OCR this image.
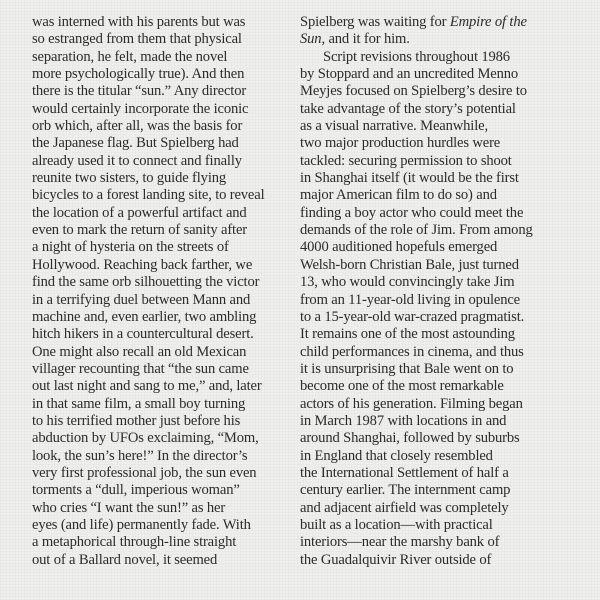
was interned with his parents but was
so estranged from them that physical
separation, he felt, made the novel
more psychologically true). And then
there is the titular “sun.” Any director
would certainly incorporate the iconic
orb which, after all, was the basis for
the Japanese flag. But Spielberg had
already used it to connect and finally
reunite two sisters, to guide flying
bicycles to a forest landing site, to reveal
the location of a powerful artifact and
even to mark the return of sanity after
a night of hysteria on the streets of
Hollywood. Reaching back farther, we
find the same orb silhouetting the victor
in a terrifying duel between Mann and
machine and, even earlier, two ambling
hitch hikers in a countercultural desert.
One might also recall an old Mexican
villager recounting that “the sun came
out last night and sang to me,” and, later
in that same film, a small boy turning
to his terrified mother just before his
abduction by UFOs exclaiming, “Mom,
look, the sun’s here!” In the director’s
very first professional job, the sun even
torments a “dull, imperious woman”
who cries “I want the sun!” as her
eyes (and life) permanently fade. With
a metaphorical through-line straight
out of a Ballard novel, it seemed
Spielberg was waiting for Empire of the
Sun, and it for him.
Script revisions throughout 1986
by Stoppard and an uncredited Menno
Meyjes focused on Spielberg’s desire to
take advantage of the story’s potential
as a visual narrative. Meanwhile,
two major production hurdles were
tackled: securing permission to shoot
in Shanghai itself (it would be the first
major American film to do so) and
finding a boy actor who could meet the
demands of the role of Jim. From among
4000 auditioned hopefuls emerged
Welsh-born Christian Bale, just turned
13, who would convincingly take Jim
from an 11-year-old living in opulence
to a 15-year-old war-crazed pragmatist.
It remains one of the most astounding
child performances in cinema, and thus
it is unsurprising that Bale went on to
become one of the most remarkable
actors of his generation. Filming began
in March 1987 with locations in and
around Shanghai, followed by suburbs
in England that closely resembled
the International Settlement of half a
century earlier. The internment camp
and adjacent airfield was completely
built as a location—with practical
interiors—near the marshy bank of
the Guadalquivir River outside of
